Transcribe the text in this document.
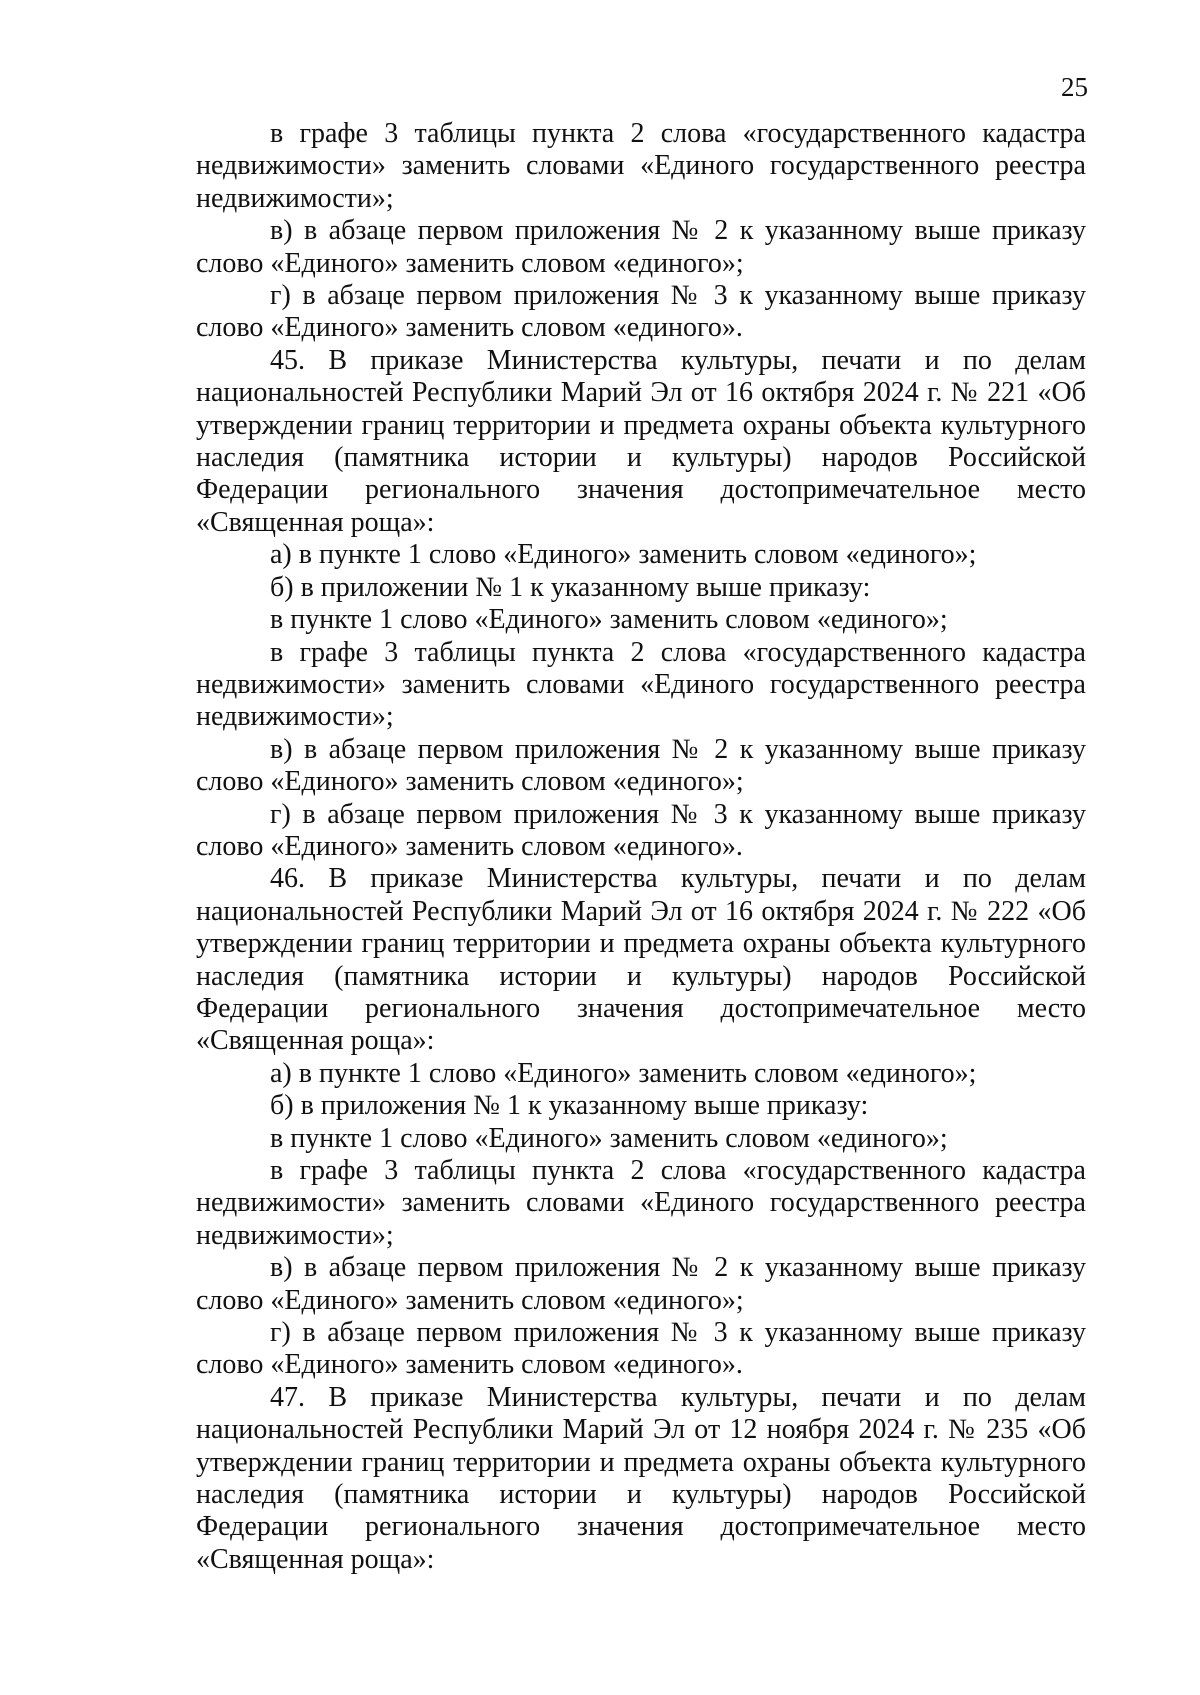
25

в графе 3 таблицы пункта 2 слова «государственного кадастра недвижимости» заменить словами «Единого государственного реестра недвижимости»;

в) в абзаце первом приложения № 2 к указанному выше приказу слово «Единого» заменить словом «единого»;

г) в абзаце первом приложения № 3 к указанному выше приказу слово «Единого» заменить словом «единого».

45. В приказе Министерства культуры, печати и по делам национальностей Республики Марий Эл от 16 октября 2024 г. № 221 «Об утверждении границ территории и предмета охраны объекта культурного наследия (памятника истории и культуры) народов Российской Федерации регионального значения достопримечательное место «Священная роща»:

а) в пункте 1 слово «Единого» заменить словом «единого»;

б) в приложении № 1 к указанному выше приказу:

в пункте 1 слово «Единого» заменить словом «единого»;

в графе 3 таблицы пункта 2 слова «государственного кадастра недвижимости» заменить словами «Единого государственного реестра недвижимости»;

в) в абзаце первом приложения № 2 к указанному выше приказу слово «Единого» заменить словом «единого»;

г) в абзаце первом приложения № 3 к указанному выше приказу слово «Единого» заменить словом «единого».

46. В приказе Министерства культуры, печати и по делам национальностей Республики Марий Эл от 16 октября 2024 г. № 222 «Об утверждении границ территории и предмета охраны объекта культурного наследия (памятника истории и культуры) народов Российской Федерации регионального значения достопримечательное место «Священная роща»:

а) в пункте 1 слово «Единого» заменить словом «единого»;

б) в приложения № 1 к указанному выше приказу:

в пункте 1 слово «Единого» заменить словом «единого»;

в графе 3 таблицы пункта 2 слова «государственного кадастра недвижимости» заменить словами «Единого государственного реестра недвижимости»;

в) в абзаце первом приложения № 2 к указанному выше приказу слово «Единого» заменить словом «единого»;

г) в абзаце первом приложения № 3 к указанному выше приказу слово «Единого» заменить словом «единого».

47. В приказе Министерства культуры, печати и по делам национальностей Республики Марий Эл от 12 ноября 2024 г. № 235 «Об утверждении границ территории и предмета охраны объекта культурного наследия (памятника истории и культуры) народов Российской Федерации регионального значения достопримечательное место «Священная роща»:
